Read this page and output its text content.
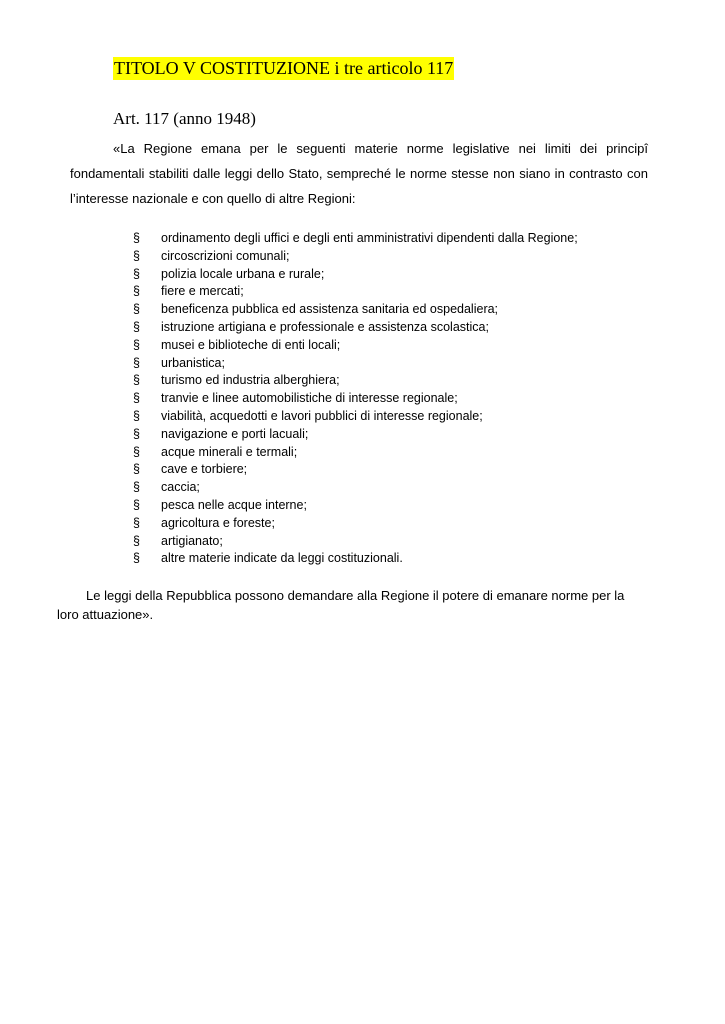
TITOLO V COSTITUZIONE i tre articolo 117
Art. 117 (anno 1948)

«La Regione emana per le seguenti materie norme legislative nei limiti dei principî fondamentali stabiliti dalle leggi dello Stato, sempreché le norme stesse non siano in contrasto con l’interesse nazionale e con quello di altre Regioni:

§	ordinamento degli uffici e degli enti amministrativi dipendenti dalla Regione;
§	circoscrizioni comunali;
§	polizia locale urbana e rurale;
§	fiere e mercati;
§	beneficenza pubblica ed assistenza sanitaria ed ospedaliera;
§	istruzione artigiana e professionale e assistenza scolastica;
§	musei e biblioteche di enti locali;
§	urbanistica;
§	turismo ed industria alberghiera;
§	tranvie e linee automobilistiche di interesse regionale;
§	viabilità, acquedotti e lavori pubblici di interesse regionale;
§	navigazione e porti lacuali;
§	acque minerali e termali;
§	cave e torbiere;
§	caccia;
§	pesca nelle acque interne;
§	agricoltura e foreste;
§	artigianato;
§	altre materie indicate da leggi costituzionali.

Le leggi della Repubblica possono demandare alla Regione il potere di emanare norme per la loro attuazione».
